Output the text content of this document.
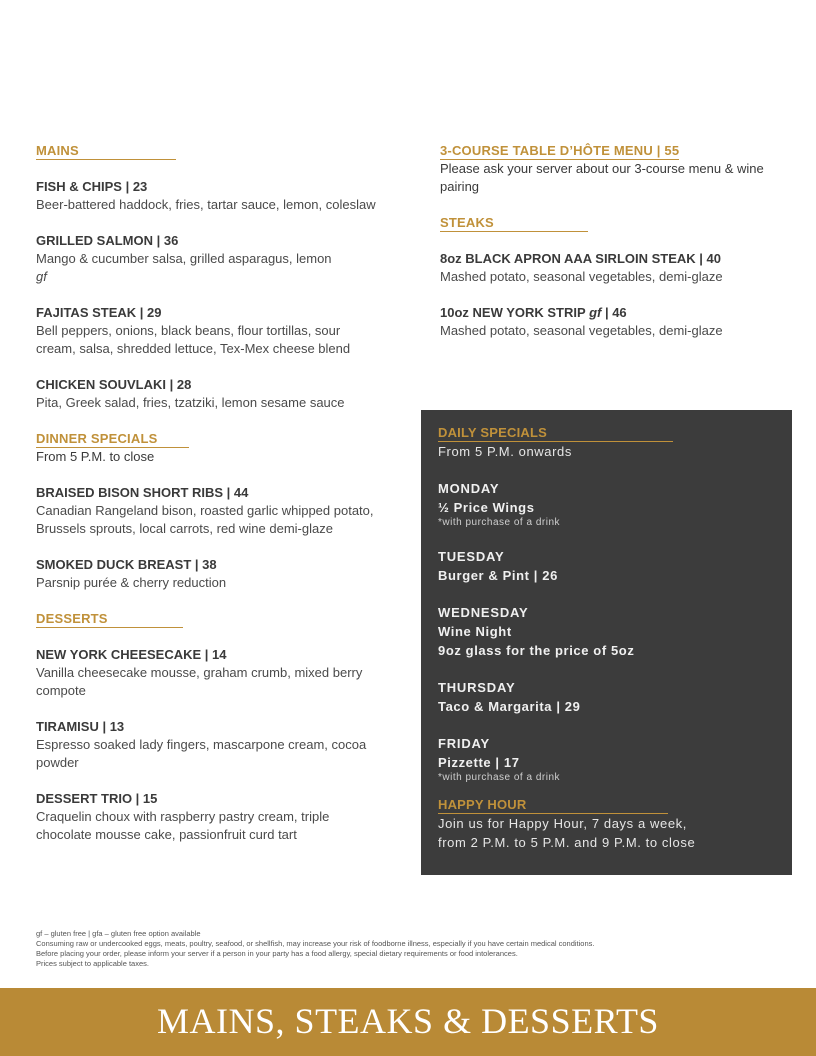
MAINS
FISH & CHIPS | 23
Beer-battered haddock, fries, tartar sauce, lemon, coleslaw
GRILLED SALMON | 36
Mango & cucumber salsa, grilled asparagus, lemon
gf
FAJITAS STEAK | 29
Bell peppers, onions, black beans, flour tortillas, sour cream, salsa, shredded lettuce, Tex-Mex cheese blend
CHICKEN SOUVLAKI | 28
Pita, Greek salad, fries, tzatziki, lemon sesame sauce
DINNER SPECIALS
From 5 P.M. to close
BRAISED BISON SHORT RIBS | 44
Canadian Rangeland bison, roasted garlic whipped potato, Brussels sprouts, local carrots, red wine demi-glaze
SMOKED DUCK BREAST | 38
Parsnip purée & cherry reduction
DESSERTS
NEW YORK CHEESECAKE | 14
Vanilla cheesecake mousse, graham crumb, mixed berry compote
TIRAMISU | 13
Espresso soaked lady fingers, mascarpone cream, cocoa powder
DESSERT TRIO | 15
Craquelin choux with raspberry pastry cream, triple chocolate mousse cake, passionfruit curd tart
3-COURSE TABLE D’HÔTE MENU | 55
Please ask your server about our 3-course menu & wine pairing
STEAKS
8oz BLACK APRON AAA SIRLOIN STEAK | 40
Mashed potato, seasonal vegetables, demi-glaze
10oz NEW YORK STRIP gf | 46
Mashed potato, seasonal vegetables, demi-glaze
DAILY SPECIALS
From 5 P.M. onwards
MONDAY
½ Price Wings
*with purchase of a drink
TUESDAY
Burger & Pint | 26
WEDNESDAY
Wine Night
9oz glass for the price of 5oz
THURSDAY
Taco & Margarita | 29
FRIDAY
Pizzette | 17
*with purchase of a drink
HAPPY HOUR
Join us for Happy Hour, 7 days a week,
from 2 P.M. to 5 P.M. and 9 P.M. to close
gf – gluten free | gfa – gluten free option available
Consuming raw or undercooked eggs, meats, poultry, seafood, or shellfish, may increase your risk of foodborne illness, especially if you have certain medical conditions.
Before placing your order, please inform your server if a person in your party has a food allergy, special dietary requirements or food intolerances.
Prices subject to applicable taxes.
MAINS, STEAKS & DESSERTS
